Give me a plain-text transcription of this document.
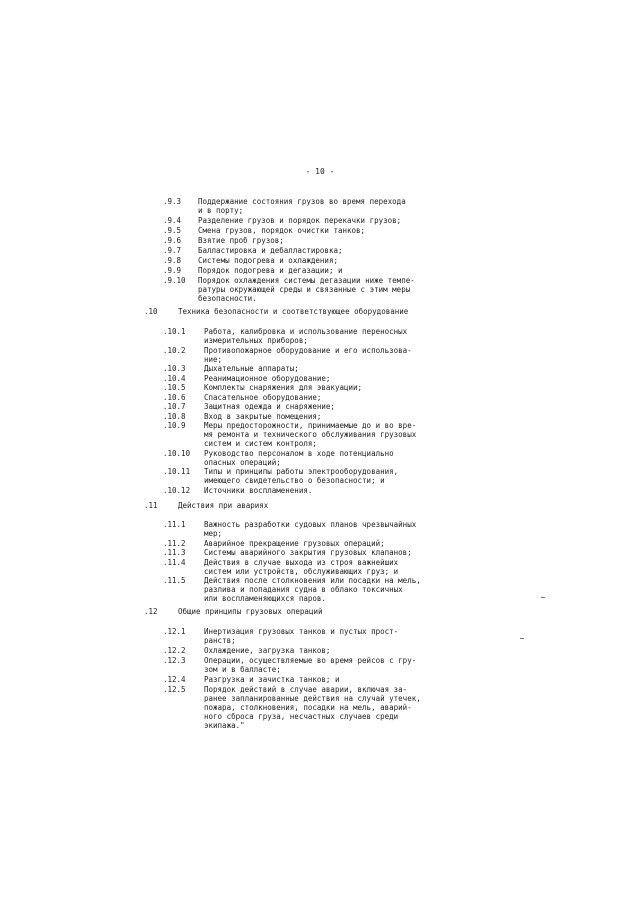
- 10 -
.9.3 Поддержание состояния грузов во время перехода
и в порту;
.9.4 Разделение грузов и порядок перекачки грузов;
.9.5 Смена грузов, порядок очистки танков;
.9.6 Взятие проб грузов;
.9.7 Балластировка и дебалластировка;
.9.8 Системы подогрева и охлаждения;
.9.9 Порядок подогрева и дегазации; и
.9.10 Порядок охлаждения системы дегазации ниже темпе-
ратуры окружающей среды и связанные с этим меры
безопасности.
.10	Техника безопасности и соответствующее оборудование
.10.1 Работа, калибровка и использование переносных
измерительных приборов;
.10.2 Противопожарное оборудование и его использова-
ние;
.10.3 Дыхательные аппараты;
.10.4 Реанимационное оборудование;
.10.5 Комплекты снаряжения для эвакуации;
.10.6 Спасательное оборудование;
.10.7 Защитная одежда и снаряжение;
.10.8 Вход в закрытые помещения;
.10.9 Меры предосторожности, принимаемые до и во вре-
мя ремонта и технического обслуживания грузовых
систем и систем контроля;
.10.10 Руководство персоналом в ходе потенциально
опасных операций;
.10.11 Типы и принципы работы электрооборудования,
имеющего свидетельство о безопасности; и
.10.12 Источники воспламенения.
.11	Действия при авариях
.11.1 Важность разработки судовых планов чрезвычайных
мер;
.11.2 Аварийное прекращение грузовых операций;
.11.3 Системы аварийного закрытия грузовых клапанов;
.11.4 Действия в случае выхода из строя важнейших
систем или устройств, обслуживающих груз; и
.11.5 Действия после столкновения или посадки на мель,
разлива и попадания судна в облако токсичных
или воспламеняющихся паров.
.12	Общие принципы грузовых операций
.12.1 Инертизация грузовых танков и пустых прост-
ранств;
.12.2 Охлаждение, загрузка танков;
.12.3 Операции, осуществляемые во время рейсов с гру-
зом и в балласте;
.12.4 Разгрузка и зачистка танков; и
.12.5 Порядок действий в случае аварии, включая за-
ранее запланированные действия на случай утечек,
пожара, столкновения, посадки на мель, аварий-
ного сброса груза, несчастных случаев среди
экипажа."
